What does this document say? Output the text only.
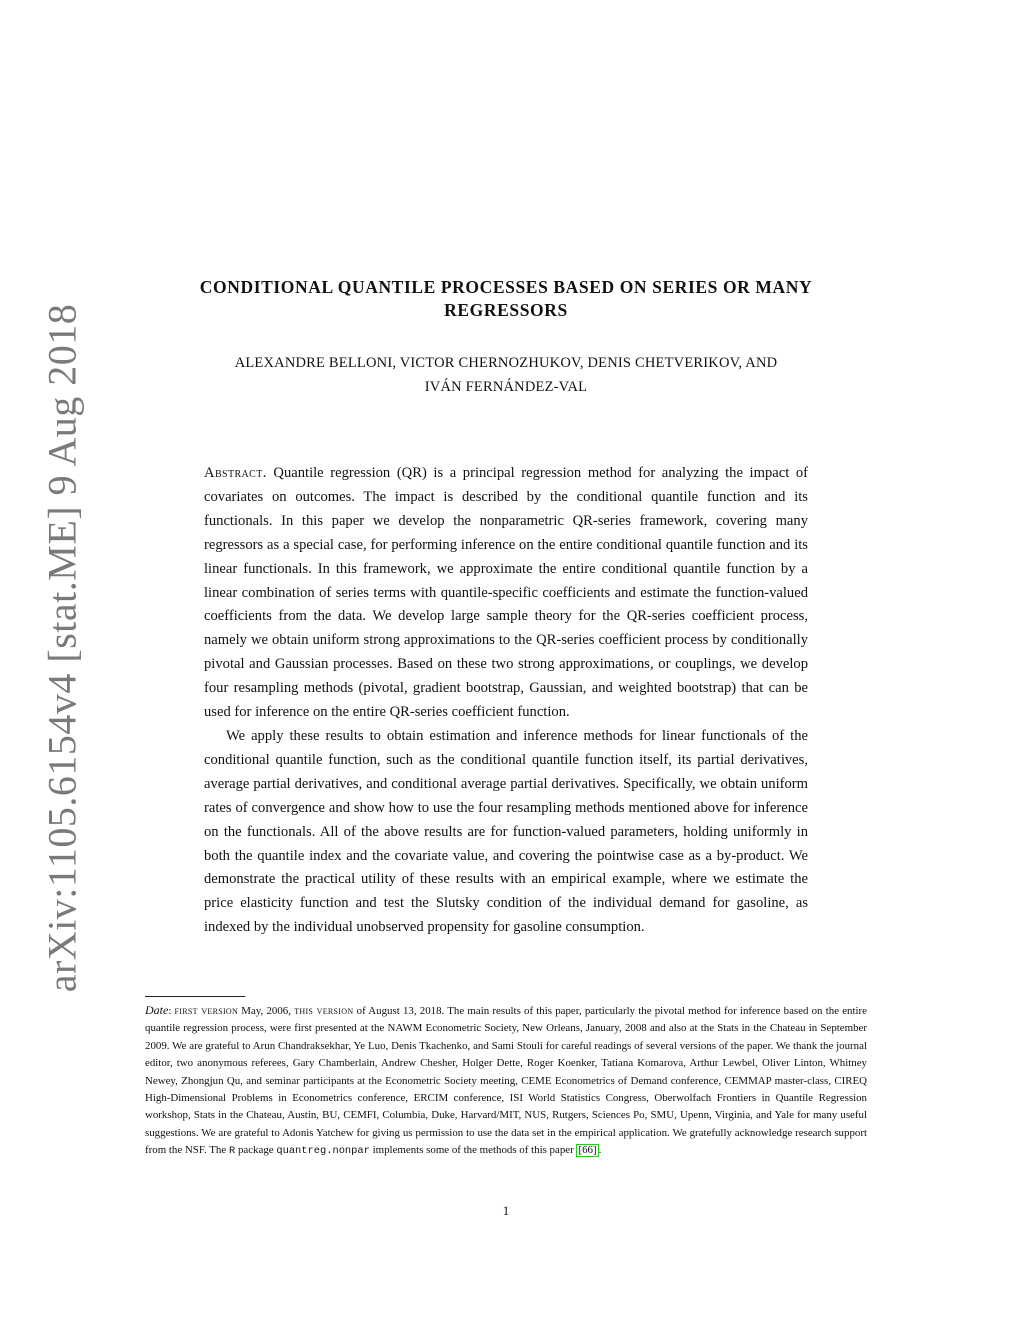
arXiv:1105.6154v4 [stat.ME] 9 Aug 2018
CONDITIONAL QUANTILE PROCESSES BASED ON SERIES OR MANY REGRESSORS
ALEXANDRE BELLONI, VICTOR CHERNOZHUKOV, DENIS CHETVERIKOV, AND
IVÁN FERNÁNDEZ-VAL

Abstract. Quantile regression (QR) is a principal regression method for analyzing the impact of covariates on outcomes. The impact is described by the conditional quantile function and its functionals. In this paper we develop the nonparametric QR-series framework, covering many regressors as a special case, for performing inference on the entire conditional quantile function and its linear functionals. In this framework, we approximate the entire conditional quantile function by a linear combination of series terms with quantile-specific coefficients and estimate the function-valued coefficients from the data. We develop large sample theory for the QR-series coefficient process, namely we obtain uniform strong approximations to the QR-series coefficient process by conditionally pivotal and Gaussian processes. Based on these two strong approximations, or couplings, we develop four resampling methods (pivotal, gradient bootstrap, Gaussian, and weighted bootstrap) that can be used for inference on the entire QR-series coefficient function.

We apply these results to obtain estimation and inference methods for linear functionals of the conditional quantile function, such as the conditional quantile function itself, its partial derivatives, average partial derivatives, and conditional average partial derivatives. Specifically, we obtain uniform rates of convergence and show how to use the four resampling methods mentioned above for inference on the functionals. All of the above results are for function-valued parameters, holding uniformly in both the quantile index and the covariate value, and covering the pointwise case as a by-product. We demonstrate the practical utility of these results with an empirical example, where we estimate the price elasticity function and test the Slutsky condition of the individual demand for gasoline, as indexed by the individual unobserved propensity for gasoline consumption.

Date: first version May, 2006, this version of August 13, 2018. The main results of this paper, particularly the pivotal method for inference based on the entire quantile regression process, were first presented at the NAWM Econometric Society, New Orleans, January, 2008 and also at the Stats in the Chateau in September 2009. We are grateful to Arun Chandraksekhar, Ye Luo, Denis Tkachenko, and Sami Stouli for careful readings of several versions of the paper. We thank the journal editor, two anonymous referees, Gary Chamberlain, Andrew Chesher, Holger Dette, Roger Koenker, Tatiana Komarova, Arthur Lewbel, Oliver Linton, Whitney Newey, Zhongjun Qu, and seminar participants at the Econometric Society meeting, CEME Econometrics of Demand conference, CEMMAP master-class, CIREQ High-Dimensional Problems in Econometrics conference, ERCIM conference, ISI World Statistics Congress, Oberwolfach Frontiers in Quantile Regression workshop, Stats in the Chateau, Austin, BU, CEMFI, Columbia, Duke, Harvard/MIT, NUS, Rutgers, Sciences Po, SMU, Upenn, Virginia, and Yale for many useful suggestions. We are grateful to Adonis Yatchew for giving us permission to use the data set in the empirical application. We gratefully acknowledge research support from the NSF. The R package quantreg.nonpar implements some of the methods of this paper [66] .
1
